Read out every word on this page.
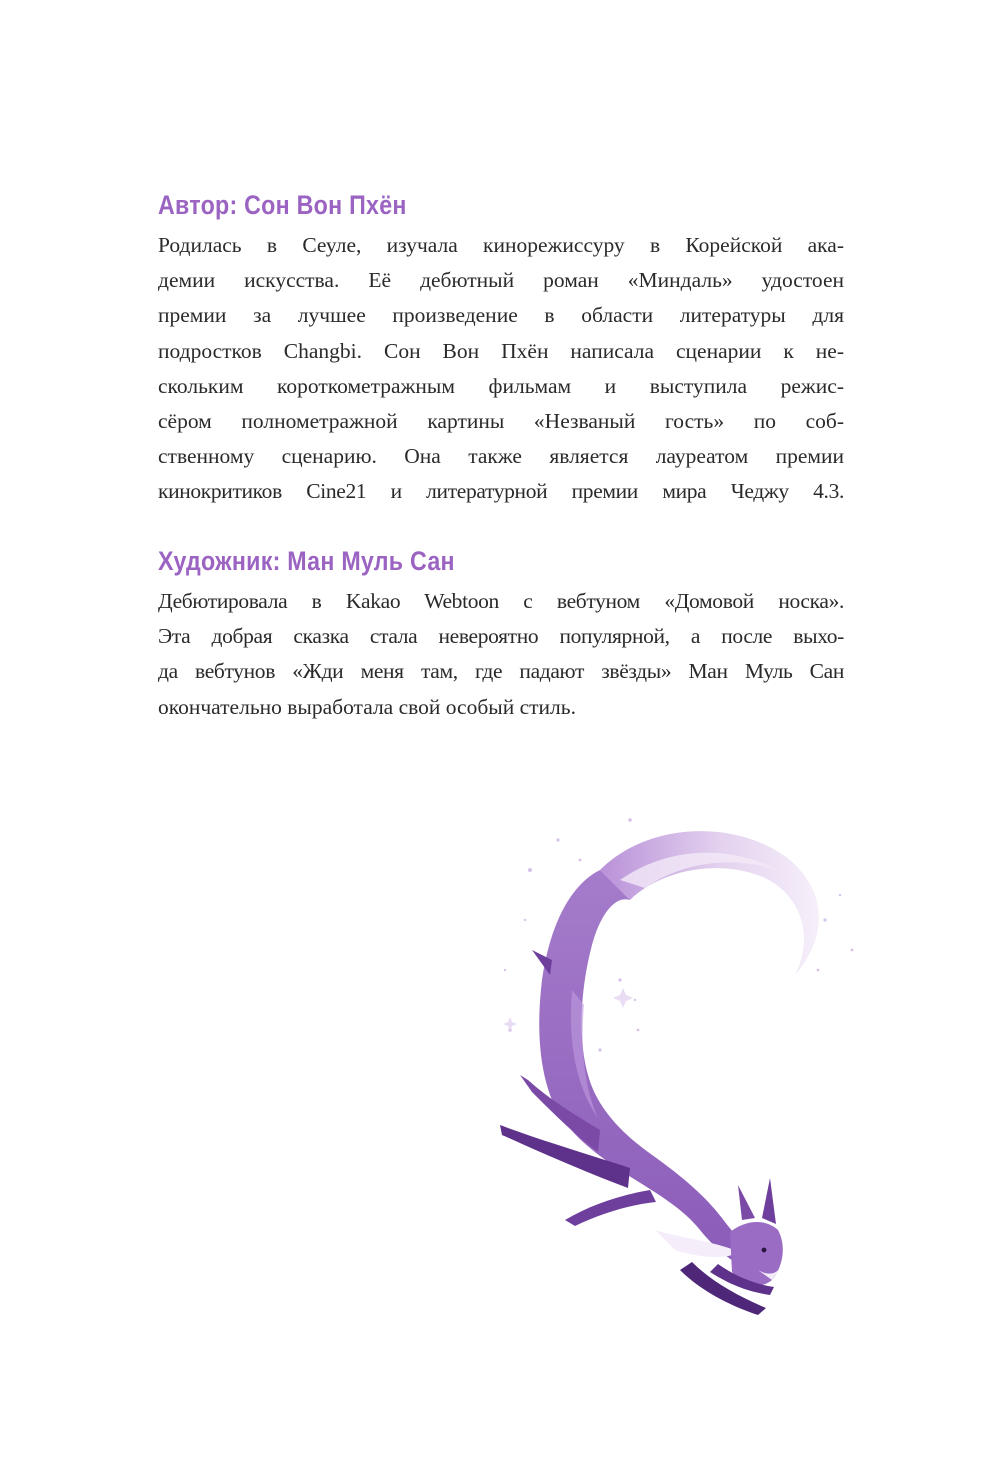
Автор: Сон Вон Пхён
Родилась в Сеуле, изучала кинорежиссуру в Корейской ака-
демии искусства. Её дебютный роман «Миндаль» удостоен
премии за лучшее произведение в области литературы для
подростков Changbi. Сон Вон Пхён написала сценарии к не-
скольким короткометражным фильмам и выступила режис-
сёром полнометражной картины «Незваный гость» по соб-
ственному сценарию. Она также является лауреатом премии
кинокритиков Cine21 и литературной премии мира Чеджу 4.3.
Художник: Ман Муль Сан
Дебютировала в Kakao Webtoon с вебтуном «Домовой носка».
Эта добрая сказка стала невероятно популярной, а после выхо-
да вебтунов «Жди меня там, где падают звёзды» Ман Муль Сан
окончательно выработала свой особый стиль.
